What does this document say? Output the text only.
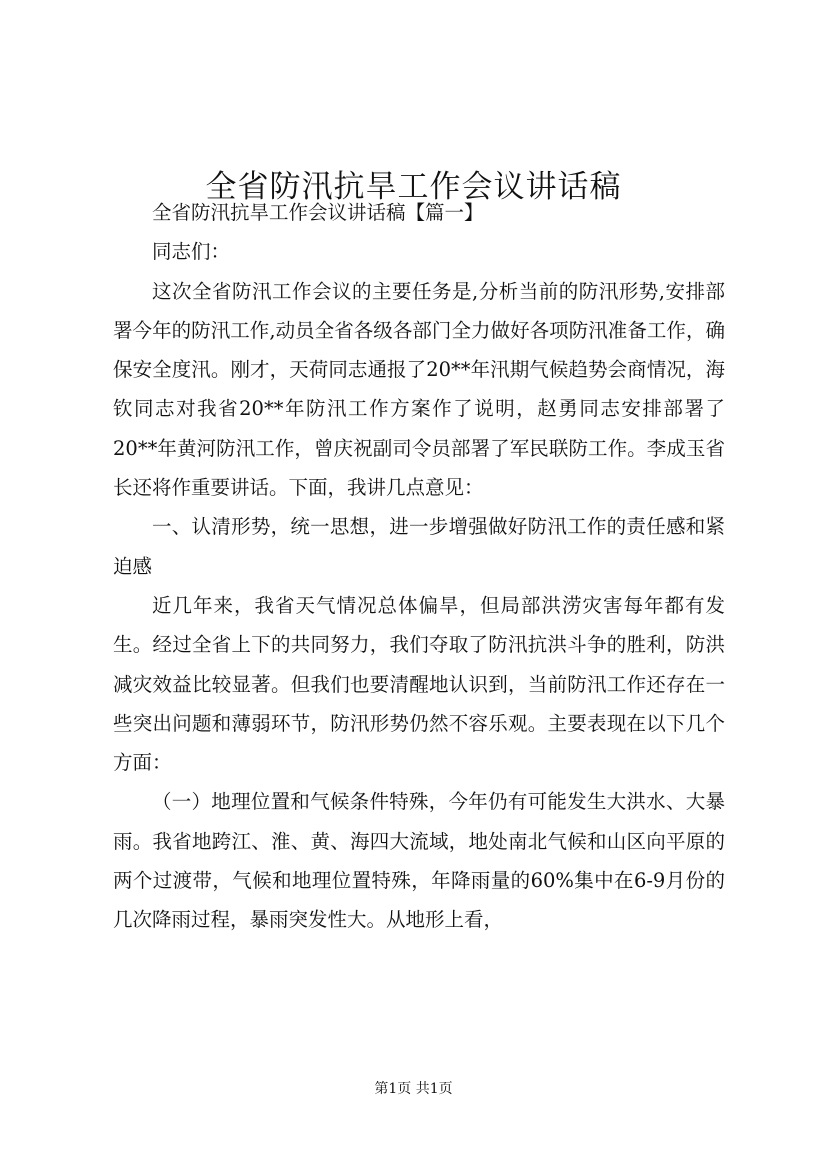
全省防汛抗旱工作会议讲话稿

全省防汛抗旱工作会议讲话稿【篇一】

同志们：

这次全省防汛工作会议的主要任务是,分析当前的防汛形势,安排部署今年的防汛工作,动员全省各级各部门全力做好各项防汛准备工作，确保安全度汛。刚才，天荷同志通报了20**年汛期气候趋势会商情况，海钦同志对我省20**年防汛工作方案作了说明，赵勇同志安排部署了20**年黄河防汛工作，曾庆祝副司令员部署了军民联防工作。李成玉省长还将作重要讲话。下面，我讲几点意见：

一、认清形势，统一思想，进一步增强做好防汛工作的责任感和紧迫感

近几年来，我省天气情况总体偏旱，但局部洪涝灾害每年都有发生。经过全省上下的共同努力，我们夺取了防汛抗洪斗争的胜利，防洪减灾效益比较显著。但我们也要清醒地认识到，当前防汛工作还存在一些突出问题和薄弱环节，防汛形势仍然不容乐观。主要表现在以下几个方面：

（一）地理位置和气候条件特殊，今年仍有可能发生大洪水、大暴雨。我省地跨江、淮、黄、海四大流域，地处南北气候和山区向平原的两个过渡带，气候和地理位置特殊，年降雨量的60%集中在6-9月份的几次降雨过程，暴雨突发性大。从地形上看，

第1页 共1页
